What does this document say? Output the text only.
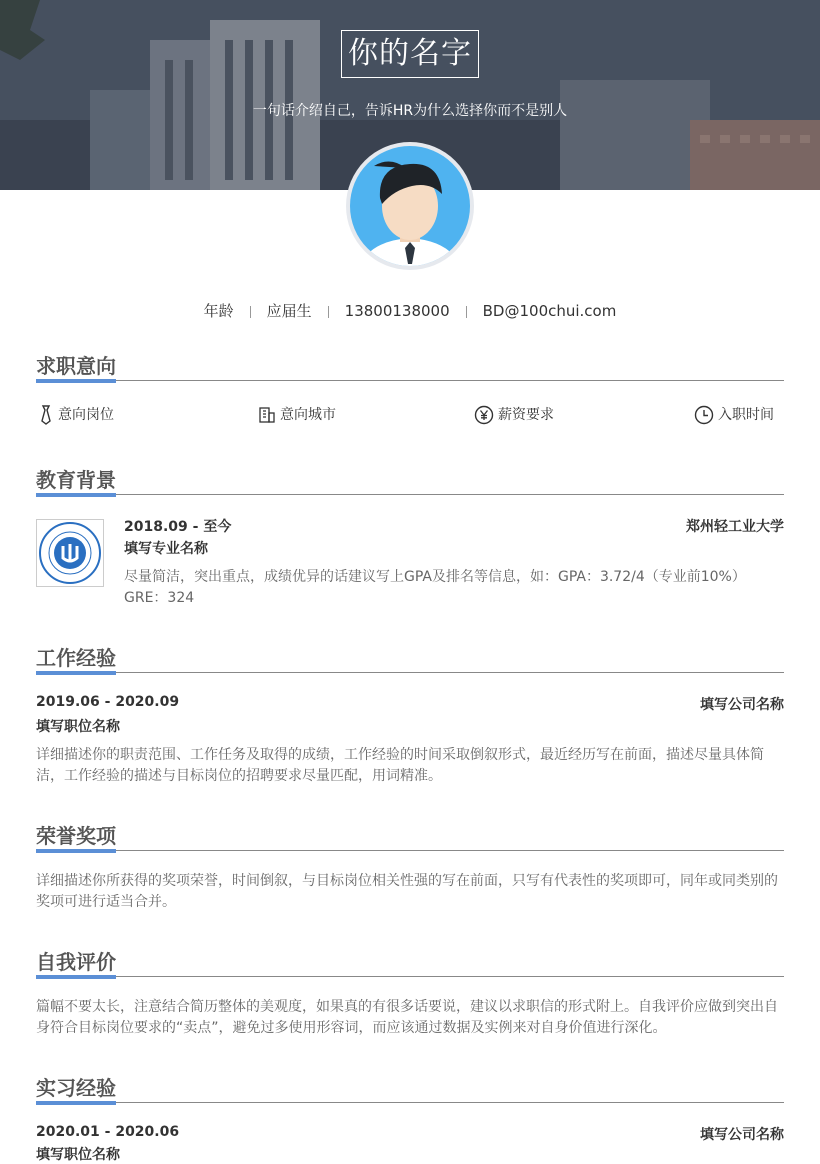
你的名字
一句话介绍自己，告诉HR为什么选择你而不是别人
年龄 应届生 13800138000 BD@100chui.com
求职意向
意向岗位	意向城市	薪资要求	入职时间
教育背景
2018.09 - 至今	郑州轻工业大学
填写专业名称
尽量简洁，突出重点，成绩优异的话建议写上GPA及排名等信息，如：GPA：3.72/4（专业前10%） GRE：324
工作经验
2019.06 - 2020.09	填写公司名称
填写职位名称
详细描述你的职责范围、工作任务及取得的成绩，工作经验的时间采取倒叙形式，最近经历写在前面，描述尽量具体简洁，工作经验的描述与目标岗位的招聘要求尽量匹配，用词精准。
荣誉奖项
详细描述你所获得的奖项荣誉，时间倒叙，与目标岗位相关性强的写在前面，只写有代表性的奖项即可，同年或同类别的奖项可进行适当合并。
自我评价
篇幅不要太长，注意结合简历整体的美观度，如果真的有很多话要说，建议以求职信的形式附上。自我评价应做到突出自身符合目标岗位要求的“卖点”，避免过多使用形容词，而应该通过数据及实例来对自身价值进行深化。
实习经验
2020.01 - 2020.06	填写公司名称
填写职位名称
